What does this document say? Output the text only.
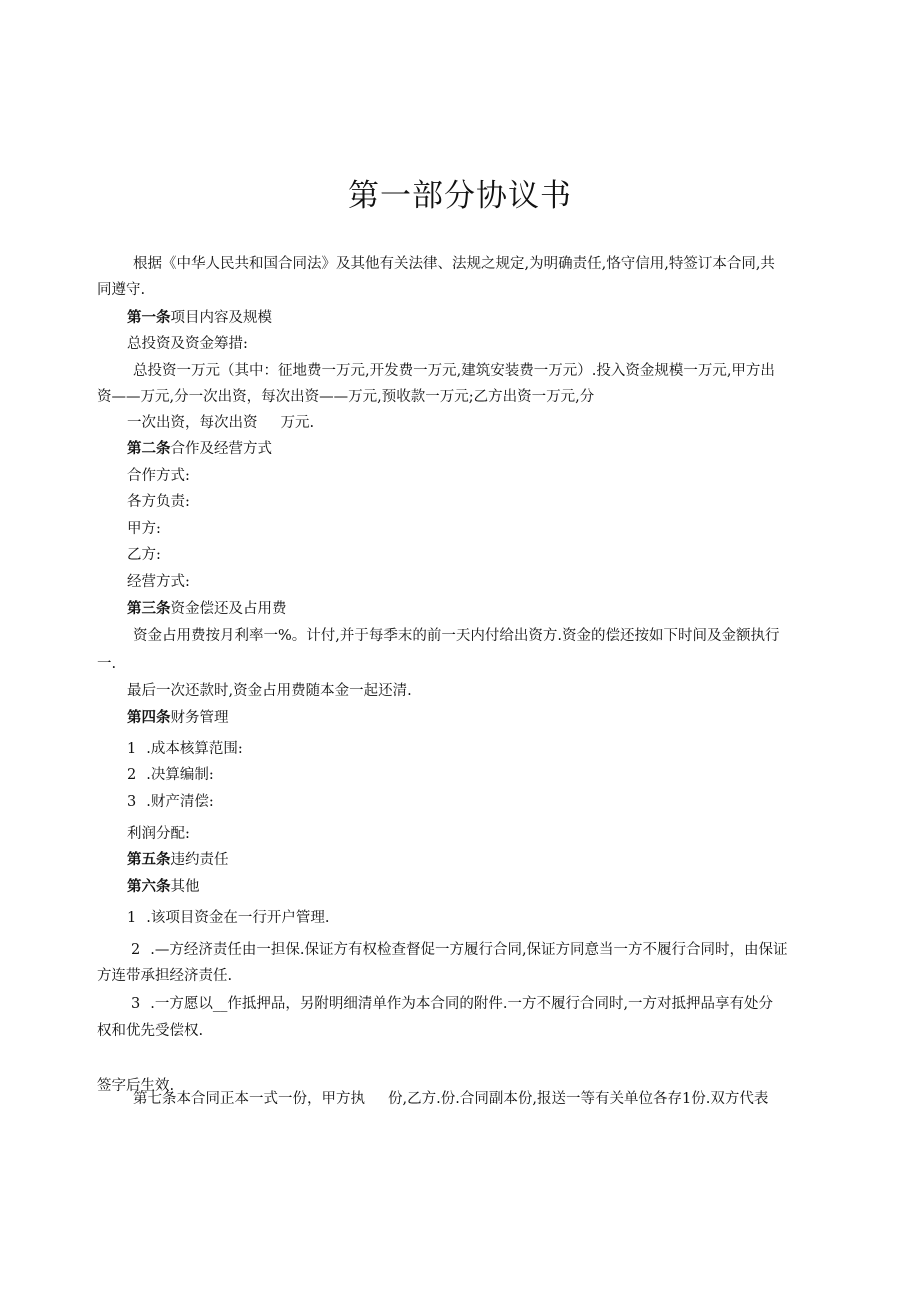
第一部分协议书
根据《中华人民共和国合同法》及其他有关法律、法规之规定,为明确责任,恪守信用,特签订本合同,共
同遵守.
第一条项目内容及规模
总投资及资金筹措:
总投资一万元（其中：征地费一万元,开发费一万元,建筑安装费一万元）.投入资金规模一万元,甲方出
资——万元,分一次出资，每次出资——万元,预收款一万元;乙方出资一万元,分
一次出资，每次出资     万元.
第二条合作及经营方式
合作方式:
各方负责:
甲方:
乙方:
经营方式:
第三条资金偿还及占用费
资金占用费按月利率一%。计付,并于每季末的前一天内付给出资方.资金的偿还按如下时间及金额执行
一.
最后一次还款时,资金占用费随本金一起还清.
第四条财务管理
1 .成本核算范围:
2 .决算编制:
3 .财产清偿:
利润分配:
第五条违约责任
第六条其他
1 .该项目资金在一行开户管理.
2 .—方经济责任由一担保.保证方有权检查督促一方履行合同,保证方同意当一方不履行合同时，由保证
方连带承担经济责任.
3 .一方愿以__作抵押品，另附明细清单作为本合同的附件.一方不履行合同时,一方对抵押品享有处分
权和优先受偿权.

第七条本合同正本一式一份，甲方执     份,乙方.份.合同副本份,报送一等有关单位各存1份.双方代表

签字后生效.
